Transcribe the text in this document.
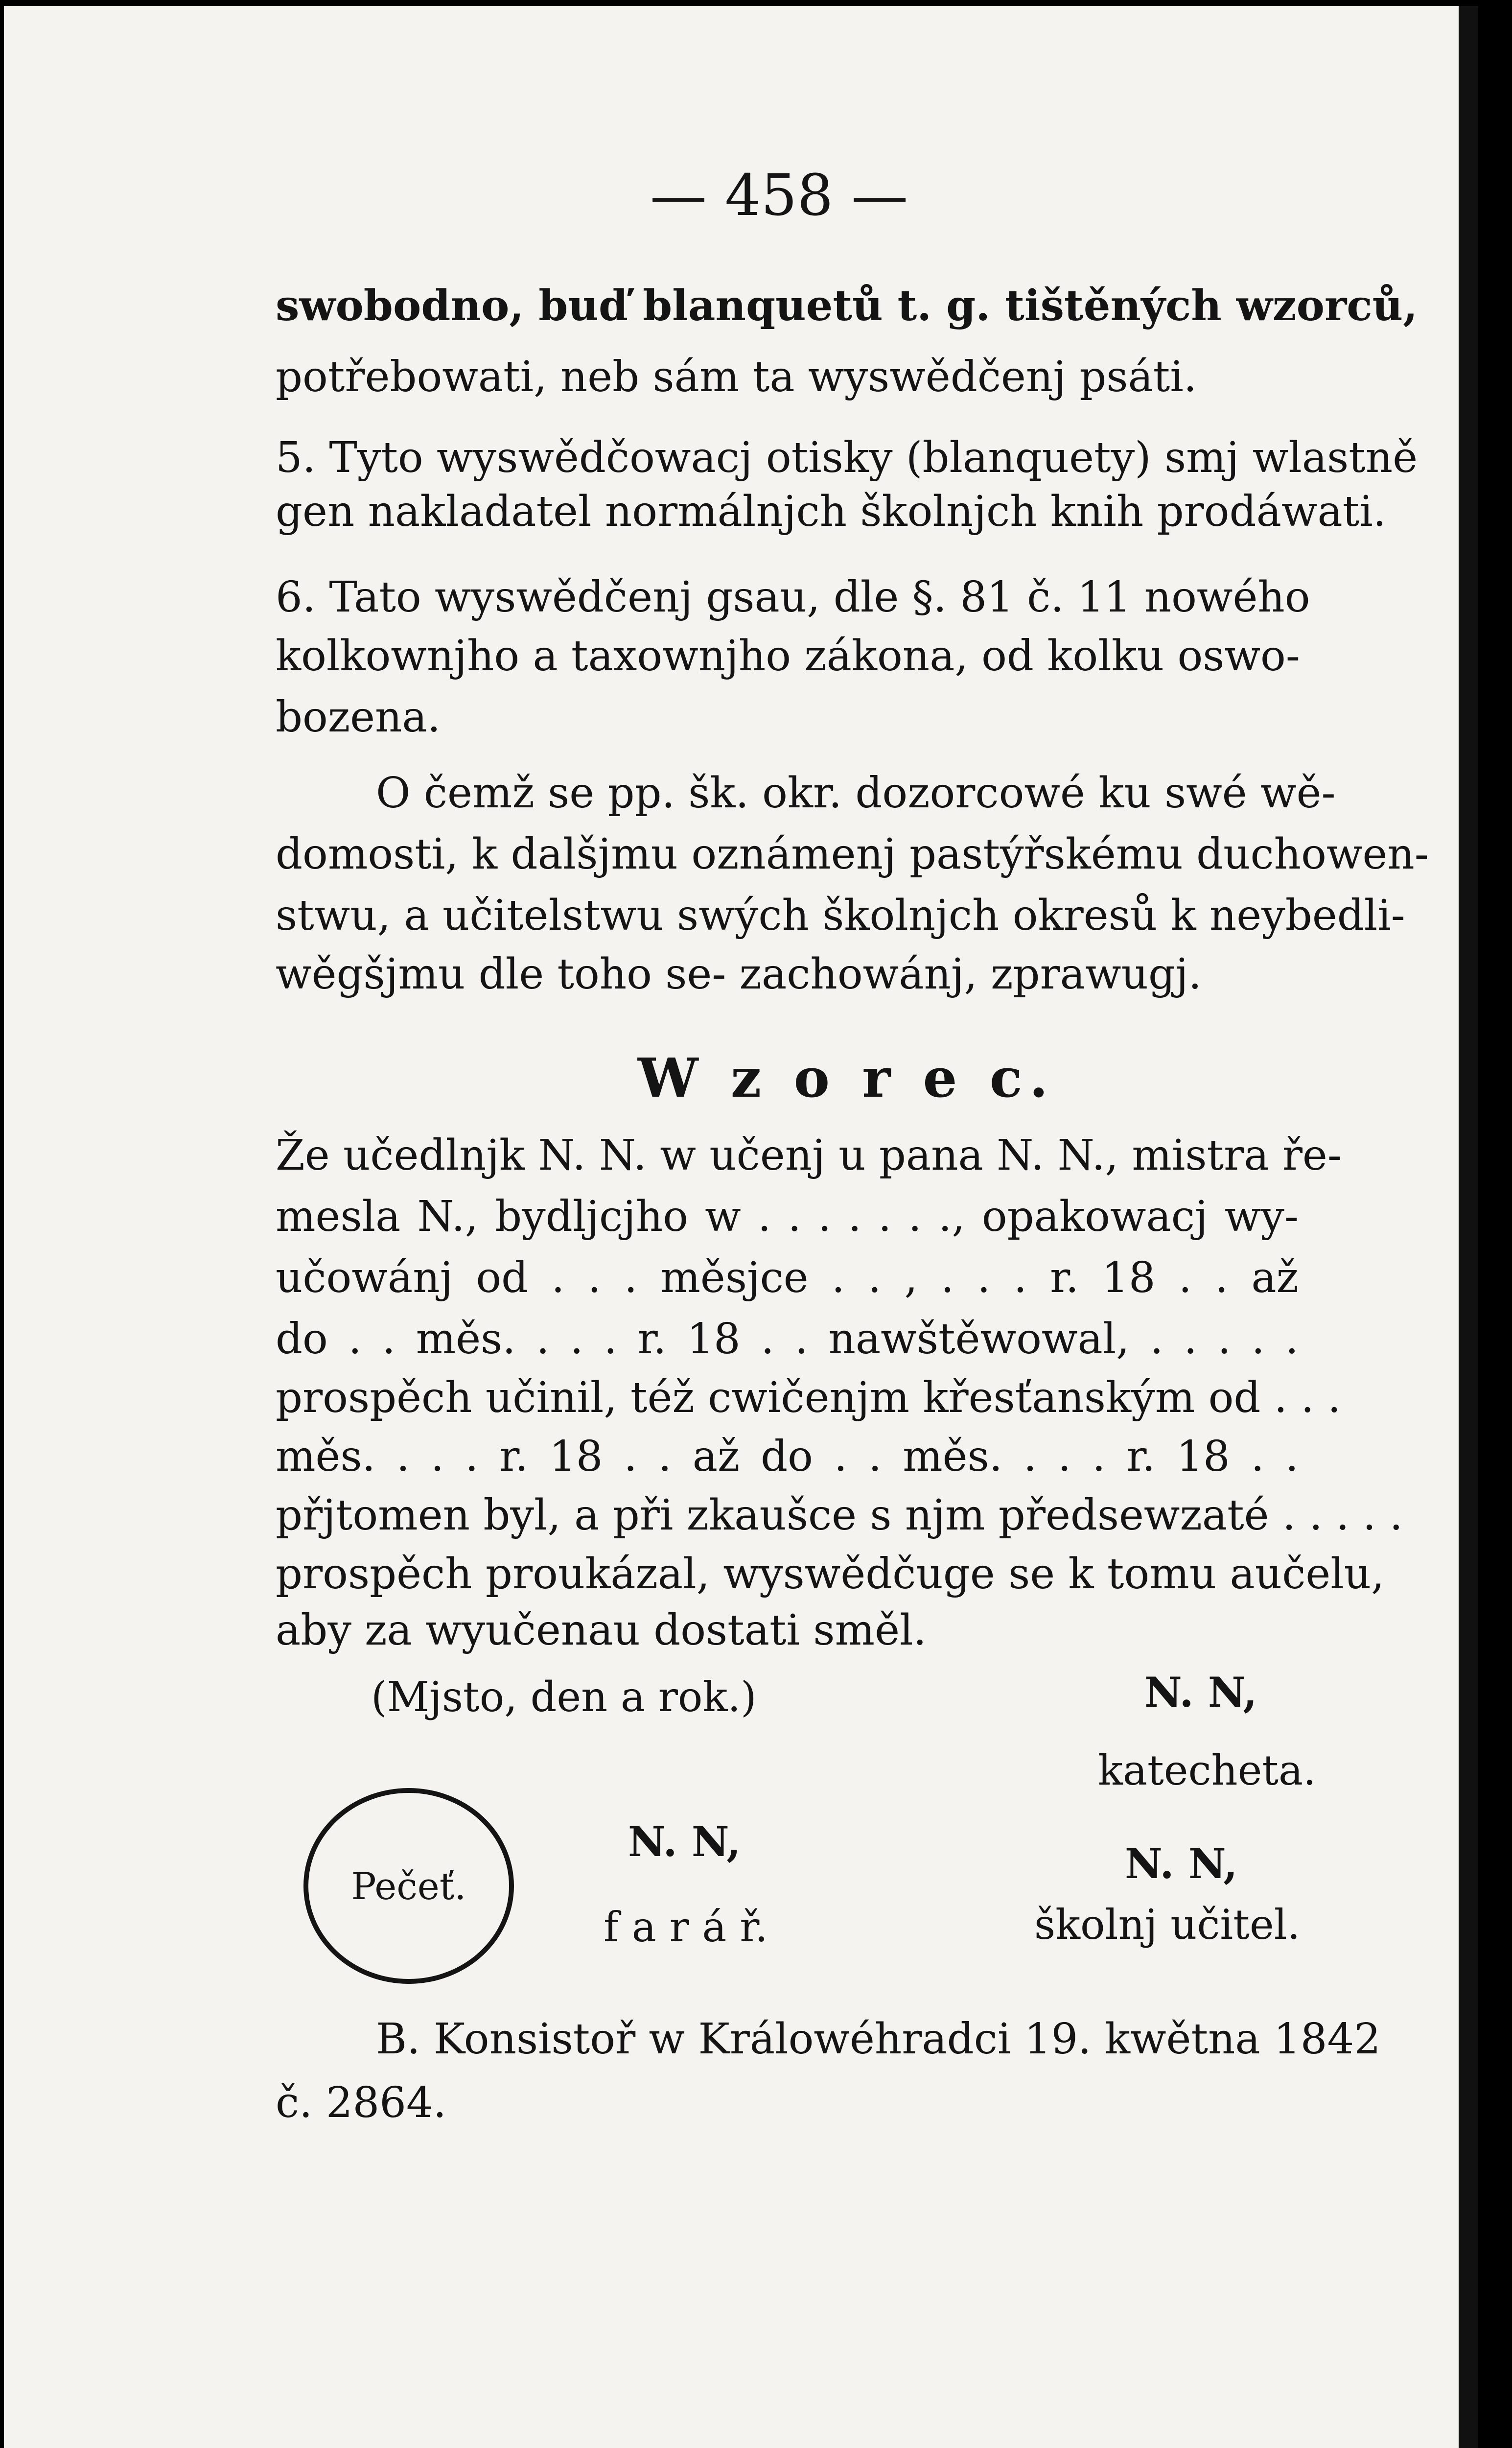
— 458 —
swobodno, buď blanquetů t. g. tištěných wzorců,
potřebowati, neb sám ta wyswědčenj psáti.
5. Tyto wyswědčowacj otisky (blanquety) smj wlastně
gen nakladatel normálnjch školnjch knih prodáwati.
6. Tato wyswědčenj gsau, dle §. 81 č. 11 nowého
kolkownjho a taxownjho zákona, od kolku oswo-
bozena.
O čemž se pp. šk. okr. dozorcowé ku swé wě-
domosti, k dalšjmu oznámenj pastýřskému duchowen-
stwu, a učitelstwu swých školnjch okresů k neybedli-
wěgšjmu dle toho se- zachowánj, zprawugj.
Že učedlnjk N. N. w učenj u pana N. N., mistra ře-
mesla N., bydljcjho w . . . . . . ., opakowacj wy-
učowánj od . . . měsjce . . , . . . r. 18 . . až
do . . měs. . . . r. 18 . . nawštěwowal, . . . . .
prospěch učinil, též cwičenjm křesťanským od . . .
měs. . . . r. 18 . . až do . . měs. . . . r. 18 . .
přjtomen byl, a při zkaušce s njm předsewzaté . . . . .
prospěch proukázal, wyswědčuge se k tomu aučelu,
aby za wyučenau dostati směl.
W z o r e c.
(Mjsto, den a rok.)	N. N,
katecheta.
Pečeť.
N. N,
f a r á ř.
N. N,
školnj učitel.
B. Konsistoř w Králowéhradci 19. kwětna 1842
č. 2864.
